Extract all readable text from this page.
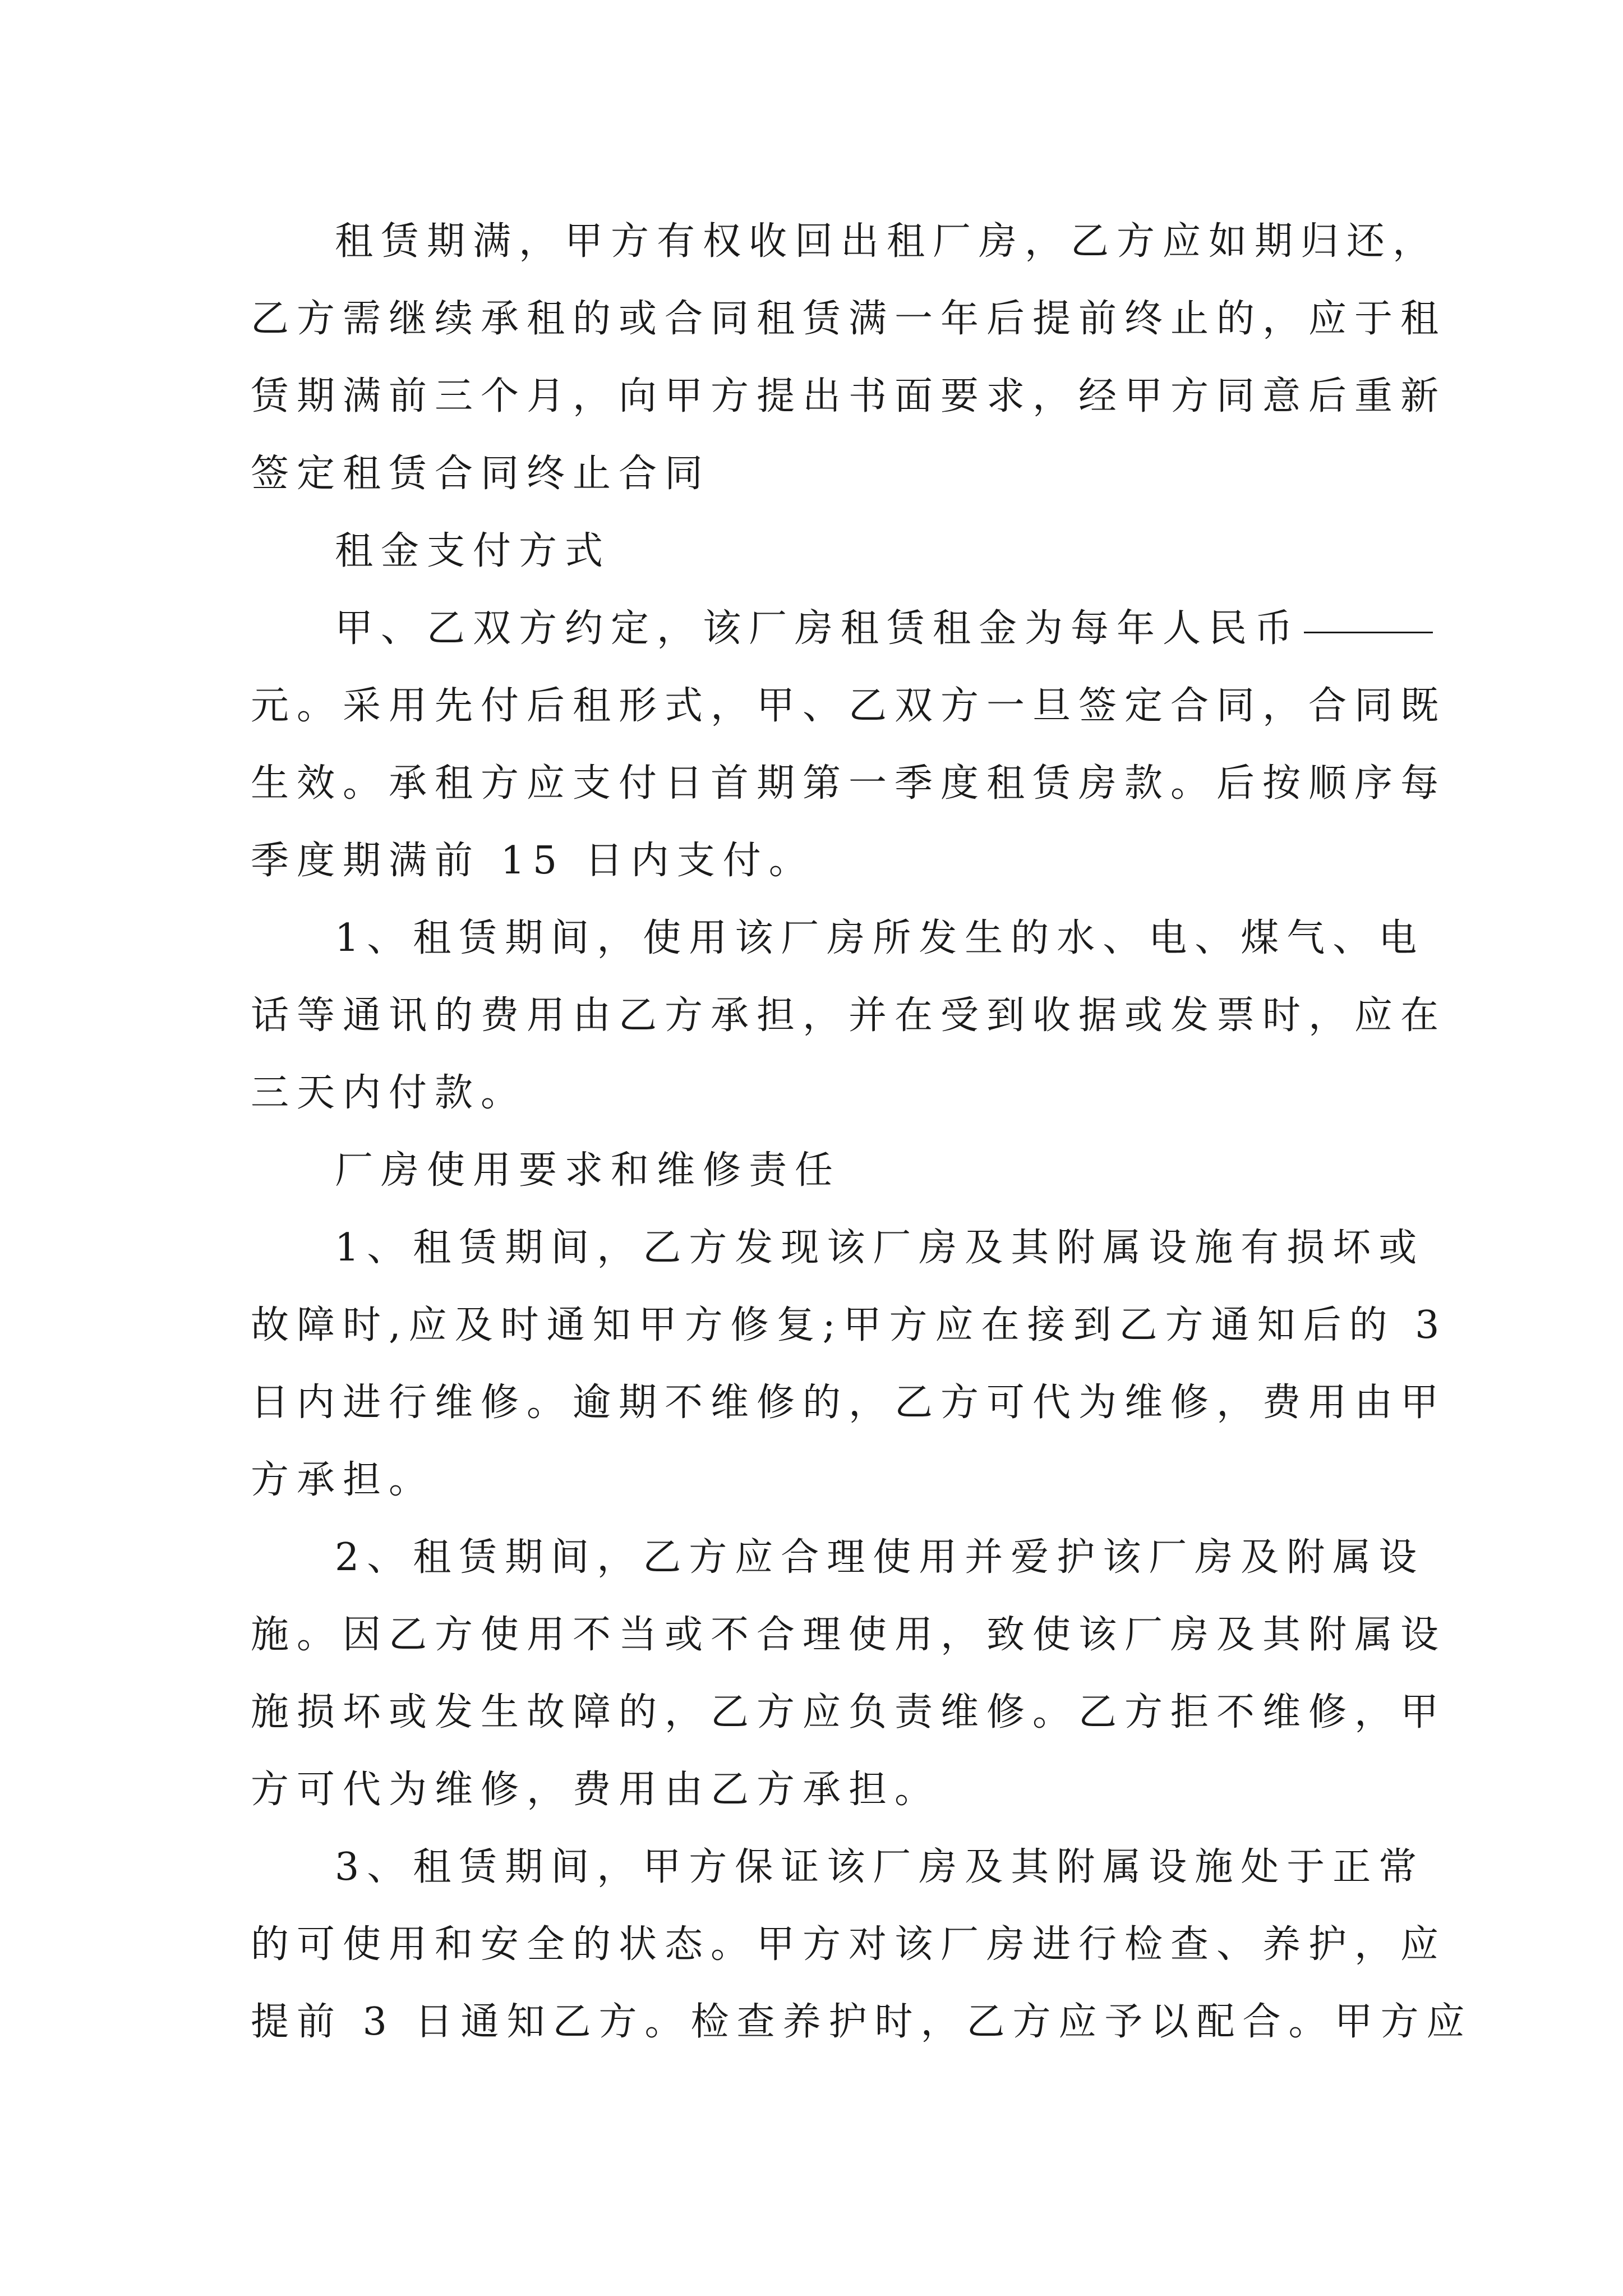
租赁期满，甲方有权收回出租厂房，乙方应如期归还，
乙方需继续承租的或合同租赁满一年后提前终止的，应于租
赁期满前三个月，向甲方提出书面要求，经甲方同意后重新
签定租赁合同终止合同
租金支付方式
甲、乙双方约定，该厂房租赁租金为每年人民币
元。采用先付后租形式，甲、乙双方一旦签定合同，合同既
生效。承租方应支付日首期第一季度租赁房款。后按顺序每
季度期满前 15 日内支付。
1、租赁期间，使用该厂房所发生的水、电、煤气、电
话等通讯的费用由乙方承担，并在受到收据或发票时，应在
三天内付款。
厂房使用要求和维修责任
1、租赁期间，乙方发现该厂房及其附属设施有损坏或
故障时,应及时通知甲方修复;甲方应在接到乙方通知后的 3
日内进行维修。逾期不维修的，乙方可代为维修，费用由甲
方承担。
2、租赁期间，乙方应合理使用并爱护该厂房及附属设
施。因乙方使用不当或不合理使用，致使该厂房及其附属设
施损坏或发生故障的，乙方应负责维修。乙方拒不维修，甲
方可代为维修，费用由乙方承担。
3、租赁期间，甲方保证该厂房及其附属设施处于正常
的可使用和安全的状态。甲方对该厂房进行检查、养护，应
提前 3 日通知乙方。检查养护时，乙方应予以配合。甲方应
